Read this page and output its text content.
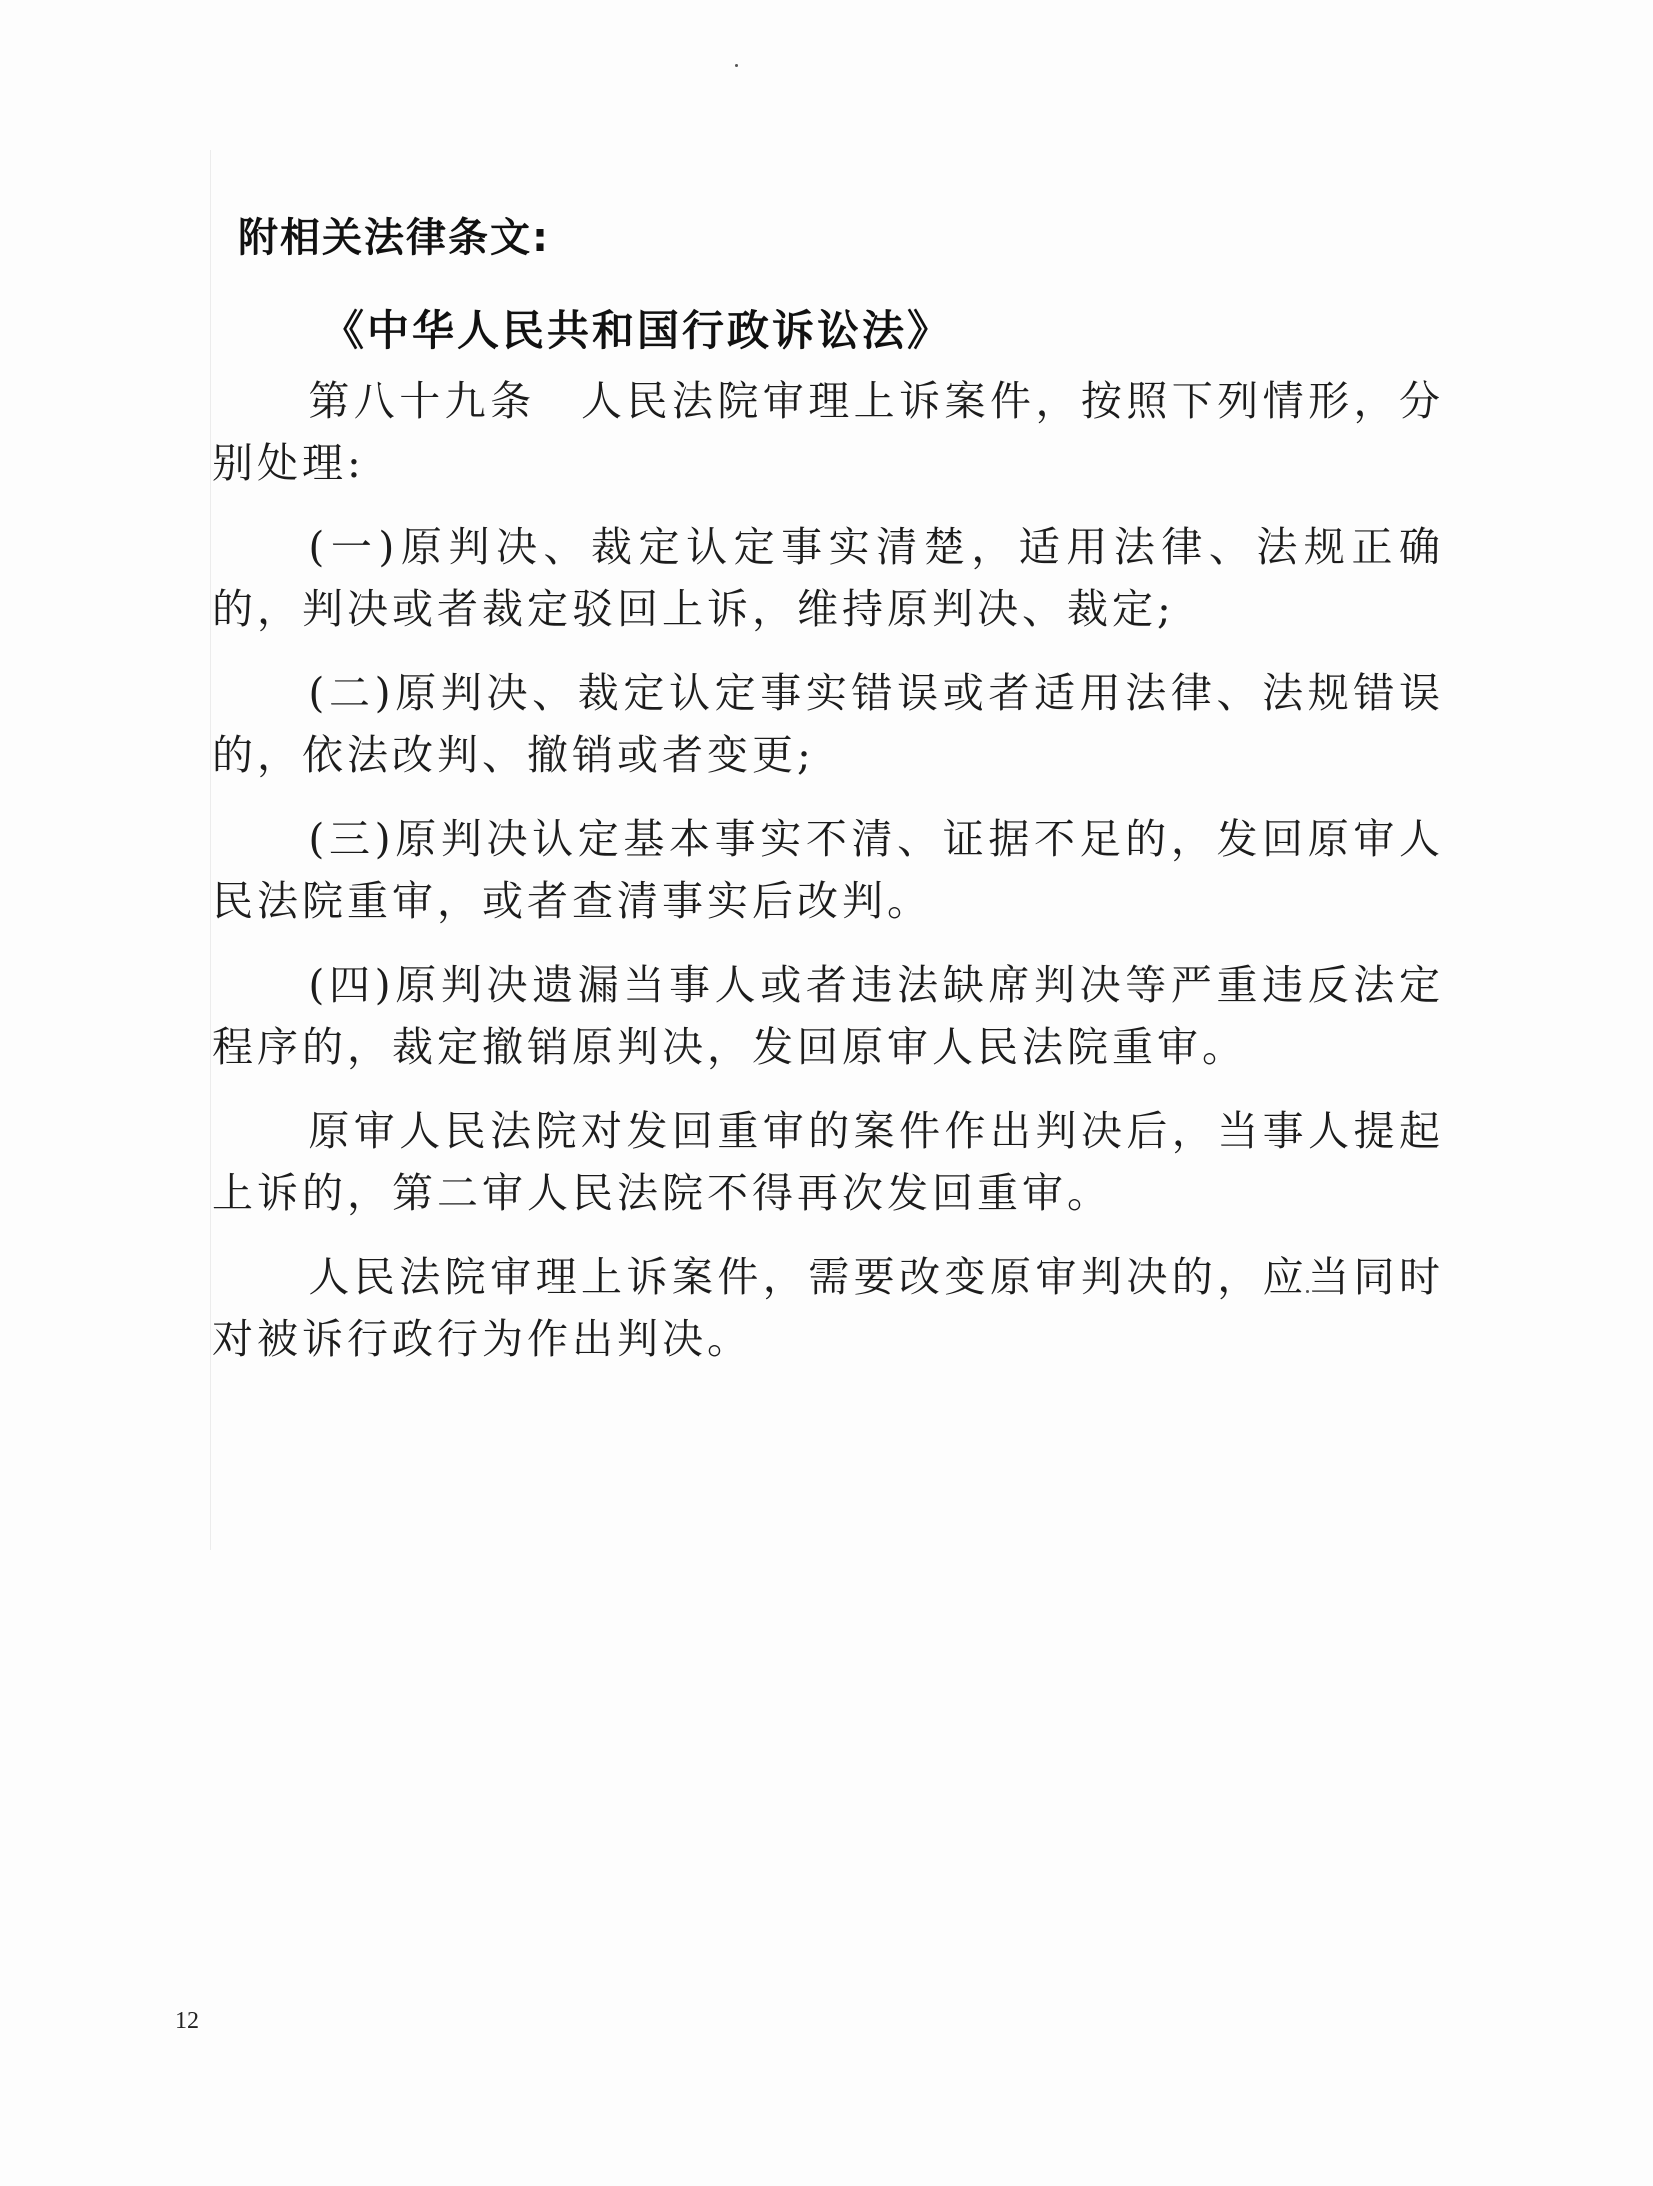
附相关法律条文:
《中华人民共和国行政诉讼法》

第八十九条　人民法院审理上诉案件，按照下列情形，分别处理:

(一)原判决、裁定认定事实清楚，适用法律、法规正确的，判决或者裁定驳回上诉，维持原判决、裁定;

(二)原判决、裁定认定事实错误或者适用法律、法规错误的，依法改判、撤销或者变更;

(三)原判决认定基本事实不清、证据不足的，发回原审人民法院重审，或者查清事实后改判。

(四)原判决遗漏当事人或者违法缺席判决等严重违反法定程序的，裁定撤销原判决，发回原审人民法院重审。

原审人民法院对发回重审的案件作出判决后，当事人提起上诉的，第二审人民法院不得再次发回重审。

人民法院审理上诉案件，需要改变原审判决的，应当同时对被诉行政行为作出判决。

12
